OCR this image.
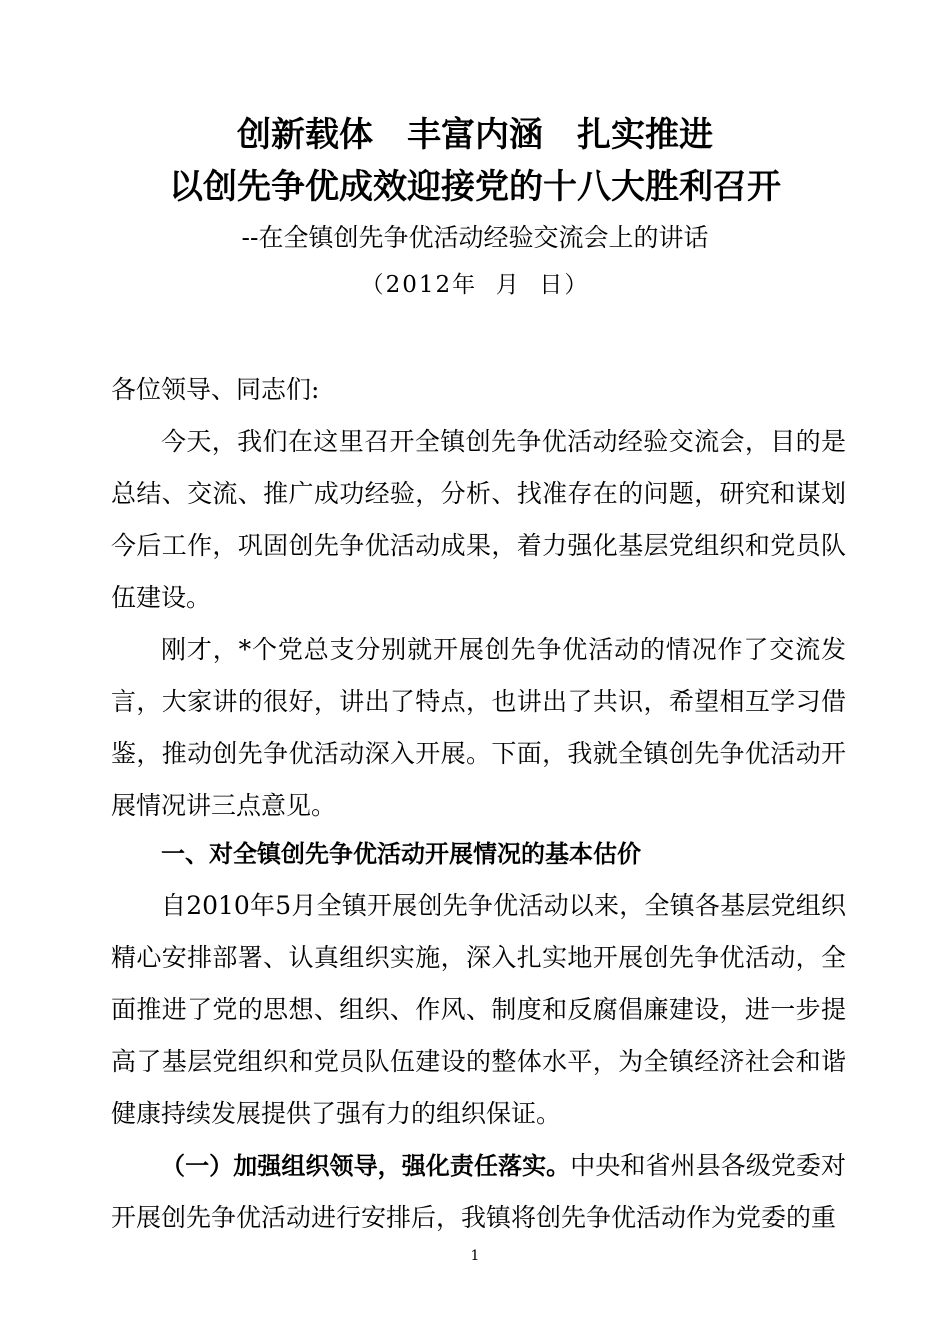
创新载体　丰富内涵　扎实推进
以创先争优成效迎接党的十八大胜利召开
--在全镇创先争优活动经验交流会上的讲话
（2012年  月  日）

各位领导、同志们:

今天，我们在这里召开全镇创先争优活动经验交流会，目的是总结、交流、推广成功经验，分析、找准存在的问题，研究和谋划今后工作，巩固创先争优活动成果，着力强化基层党组织和党员队伍建设。

刚才，*个党总支分别就开展创先争优活动的情况作了交流发言，大家讲的很好，讲出了特点，也讲出了共识，希望相互学习借鉴，推动创先争优活动深入开展。下面，我就全镇创先争优活动开展情况讲三点意见。

一、对全镇创先争优活动开展情况的基本估价

自2010年5月全镇开展创先争优活动以来，全镇各基层党组织精心安排部署、认真组织实施，深入扎实地开展创先争优活动，全面推进了党的思想、组织、作风、制度和反腐倡廉建设，进一步提高了基层党组织和党员队伍建设的整体水平，为全镇经济社会和谐健康持续发展提供了强有力的组织保证。

（一）加强组织领导，强化责任落实。中央和省州县各级党委对开展创先争优活动进行安排后，我镇将创先争优活动作为党委的重

1
